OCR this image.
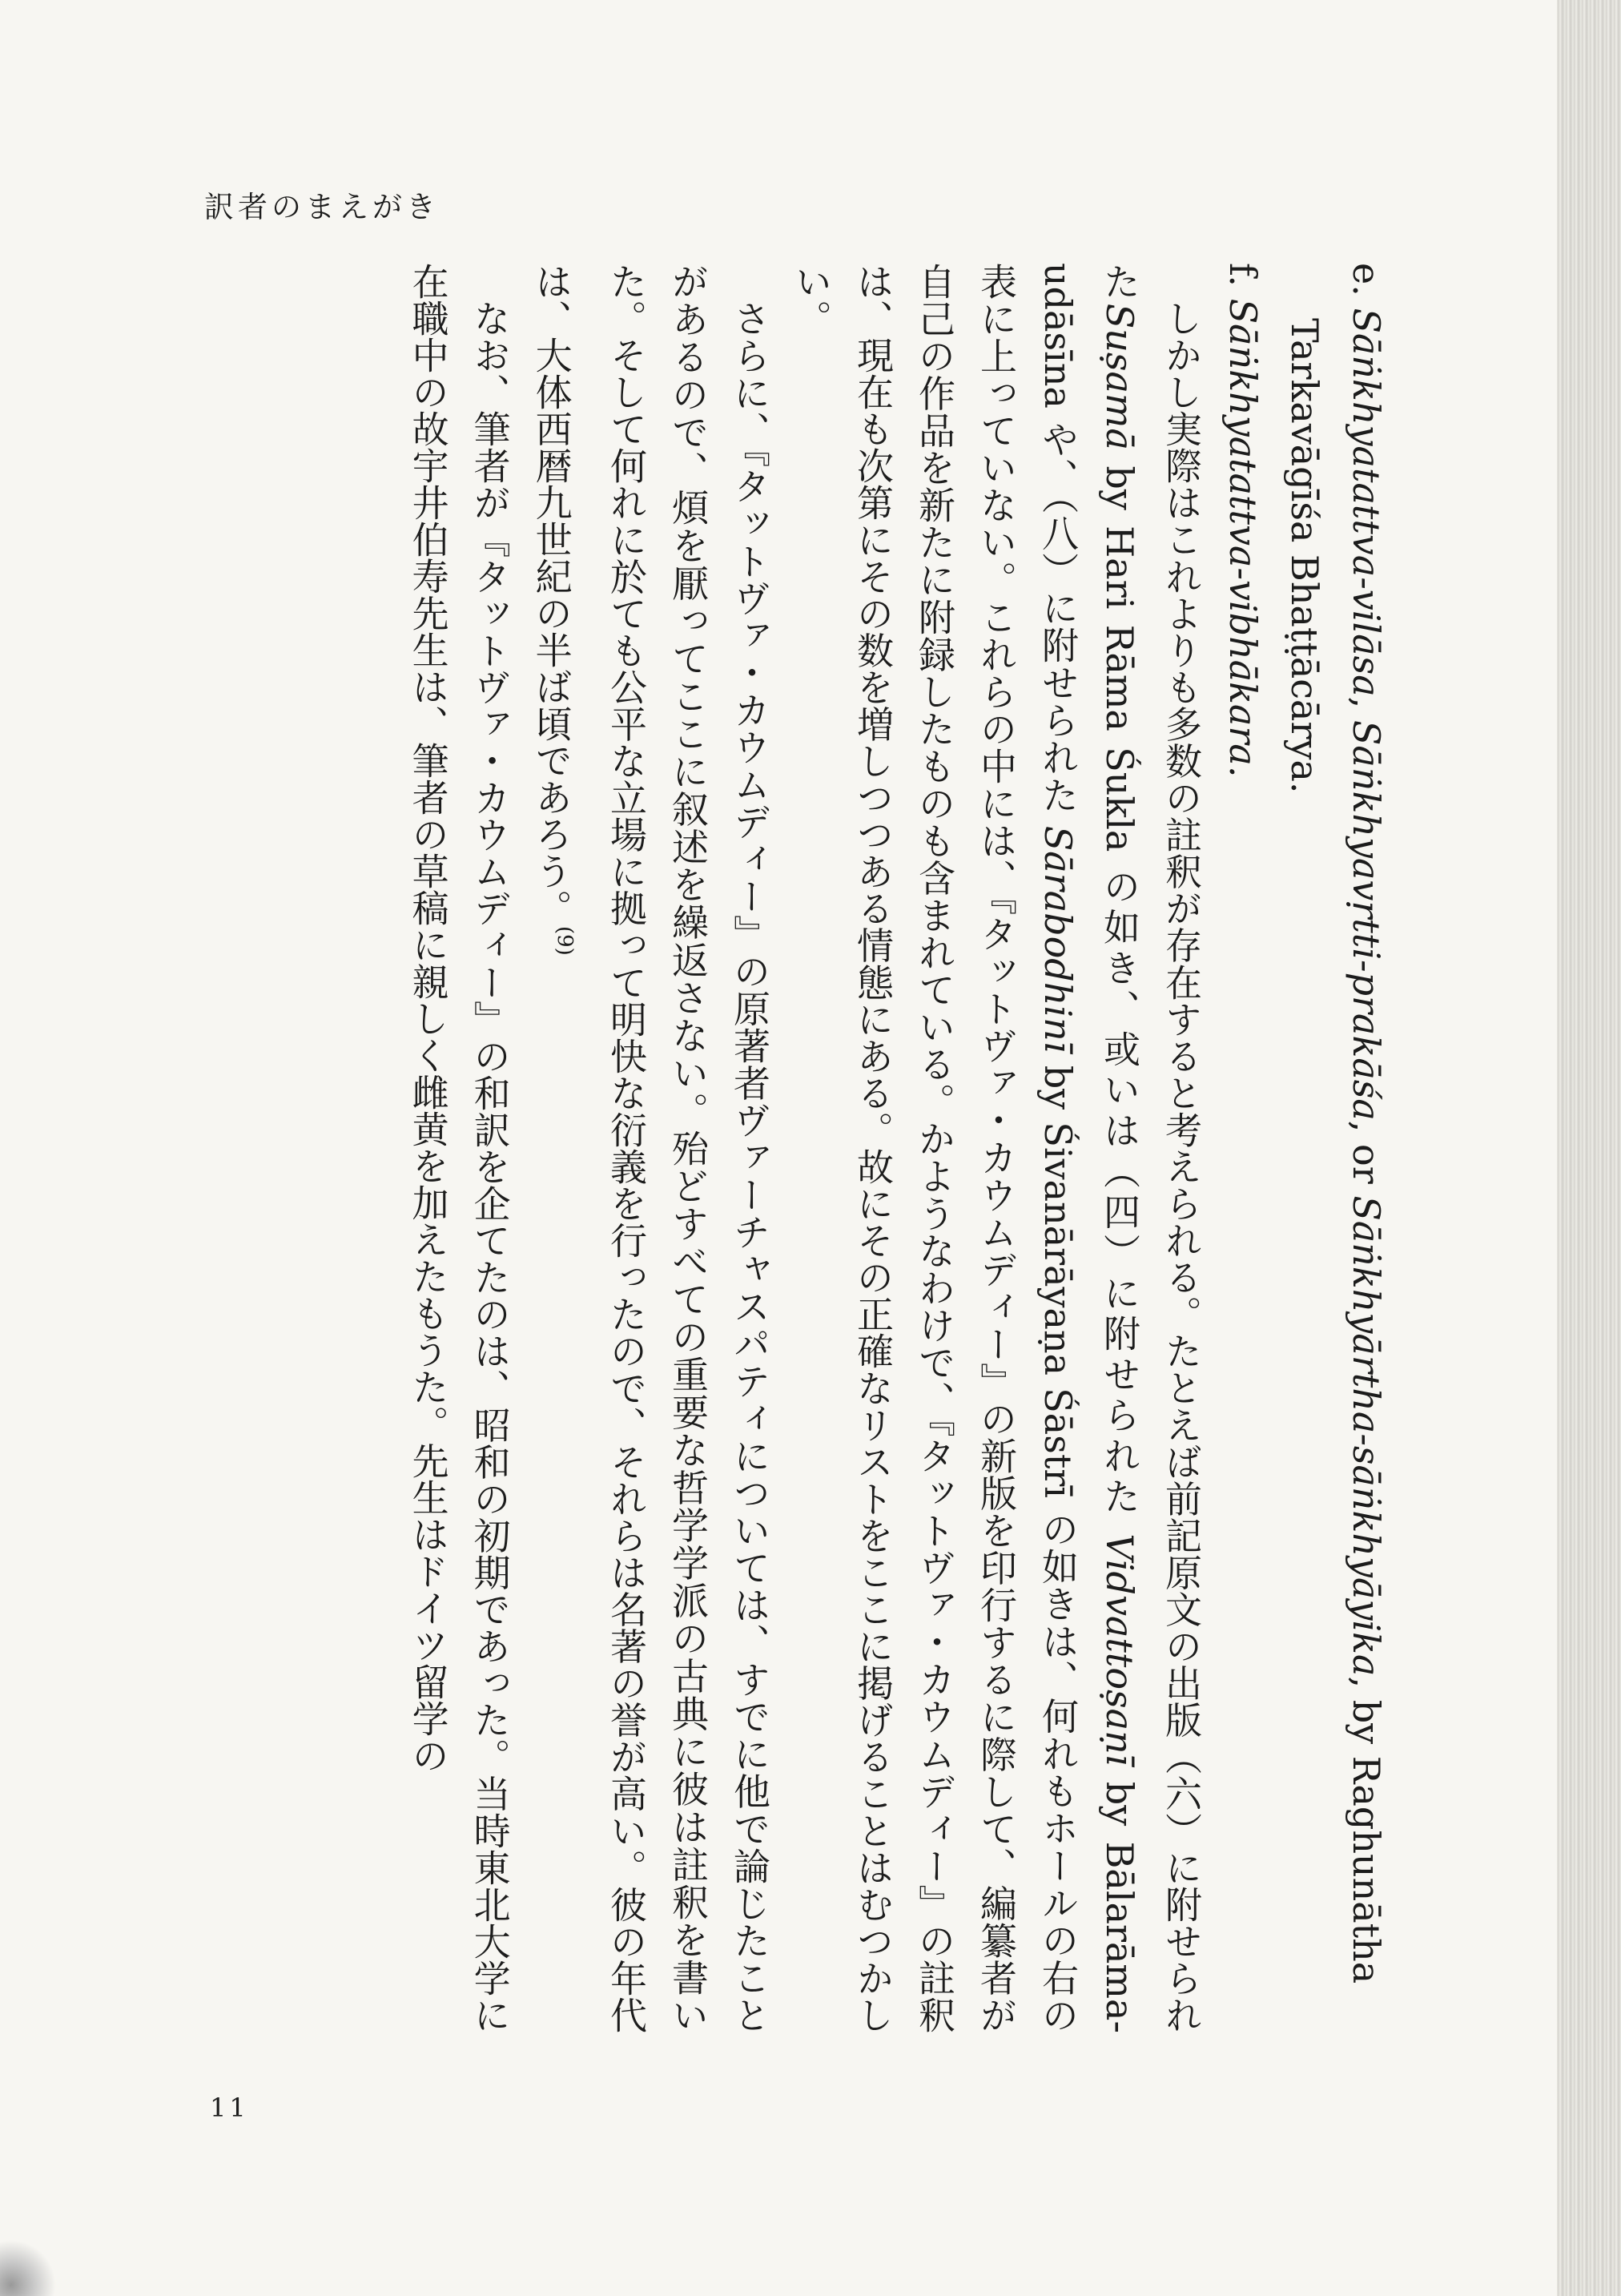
訳者のまえがき

e. Sāṅkhyatattva-vilāsa, Sāṅkhyavṛtti-prakāśa, or Sāṅkhyārtha-sāṅkhyāyika, by Raghunātha

Tarkavāgīśa Bhaṭṭācārya.

f. Sāṅkhyatattva-vibhākara.

しかし実際はこれよりも多数の註釈が存在すると考えられる。たとえば前記原文の出版（六）に附せられたSuṣamā by Hari Rāma Śukla の如き、或いは（四）に附せられた Vidvattoṣaṇī by Bālarāma-udāsīna や、（八）に附せられた Sārabodhinī by Śivanārāyaṇa Śāstrī の如きは、何れもホールの右の表に上っていない。これらの中には、『タットヴァ・カウムディー』の新版を印行するに際して、編纂者が自己の作品を新たに附録したものも含まれている。かようなわけで、『タットヴァ・カウムディー』の註釈は、現在も次第にその数を増しつつある情態にある。故にその正確なリストをここに掲げることはむつかしい。

さらに、『タットヴァ・カウムディー』の原著者ヴァーチャスパティについては、すでに他で論じたことがあるので、煩を厭ってここに叙述を繰返さない。殆どすべての重要な哲学学派の古典に彼は註釈を書いた。そして何れに於ても公平な立場に拠って明快な衍義を行ったので、それらは名著の誉が高い。彼の年代は、大体西暦九世紀の半ば頃であろう。$^{(9)}$

なお、筆者が『タットヴァ・カウムディー』の和訳を企てたのは、昭和の初期であった。当時東北大学に在職中の故宇井伯寿先生は、筆者の草稿に親しく雌黄を加えたもうた。先生はドイツ留学の

11
